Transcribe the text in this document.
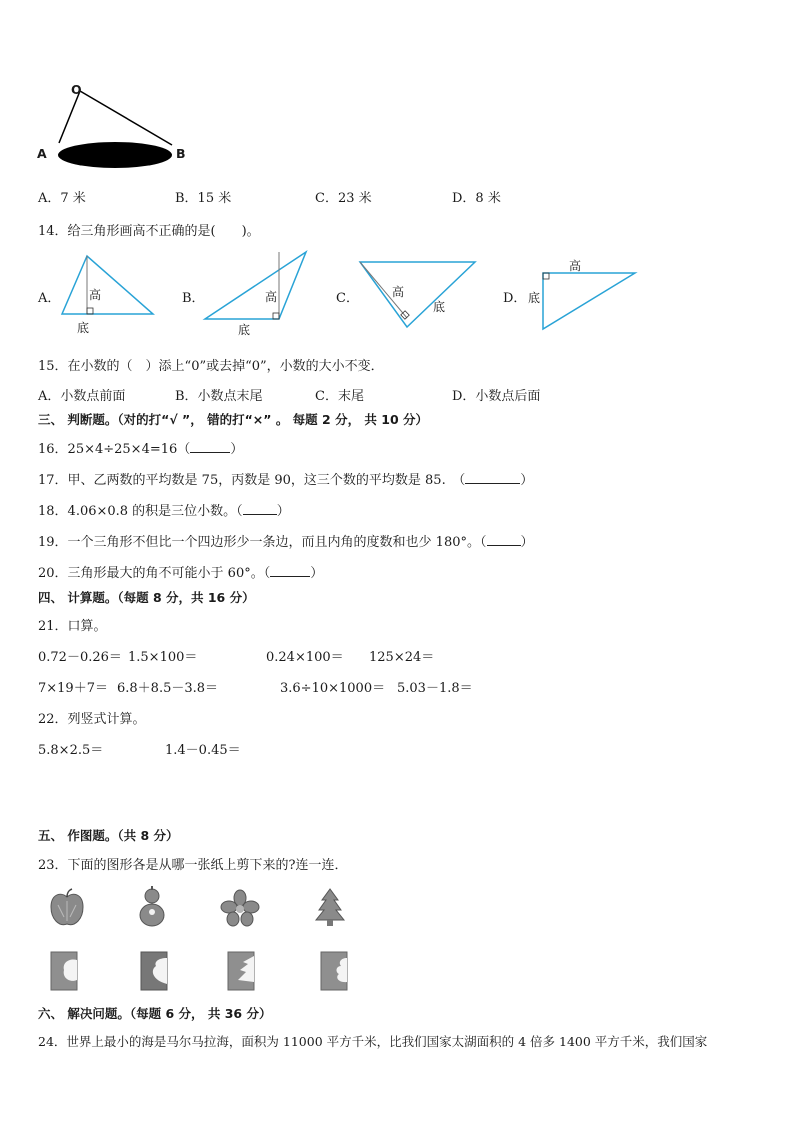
O
A	B
A．7 米	B．15 米	C．23 米	D．8 米
14．给三角形画高不正确的是(　　)。
A．	B．	C．	D．
高
底
高
底
高
底
高
底
15．在小数的（　）添上“0”或去掉“0”，小数的大小不变．
A．小数点前面	B．小数点末尾	C．末尾	D．小数点后面
三、 判断题。（对的打“√ ”， 错的打“×” 。 每题 2 分， 共 10 分）
16．25×4÷25×4=16（	）
17．甲、乙两数的平均数是 75，丙数是 90，这三个数的平均数是 85.　（	）
18．4.06×0.8 的积是三位小数。（	）
19．一个三角形不但比一个四边形少一条边，而且内角的度数和也少 180°。（	）
20．三角形最大的角不可能小于 60°。（	）
四、 计算题。（每题 8 分，共 16 分）
21．口算。
0.72－0.26＝ 1.5×100＝	0.24×100＝ 125×24＝
7×19＋7＝ 6.8＋8.5－3.8＝	3.6÷10×1000＝ 5.03－1.8＝
22．列竖式计算。
5.8×2.5＝	1.4－0.45＝
五、 作图题。（共 8 分）
23．下面的图形各是从哪一张纸上剪下来的?连一连．
六、 解决问题。（每题 6 分， 共 36 分）
24．世界上最小的海是马尔马拉海，面积为 11000 平方千米，比我们国家太湖面积的 4 倍多 1400 平方千米，我们国家
